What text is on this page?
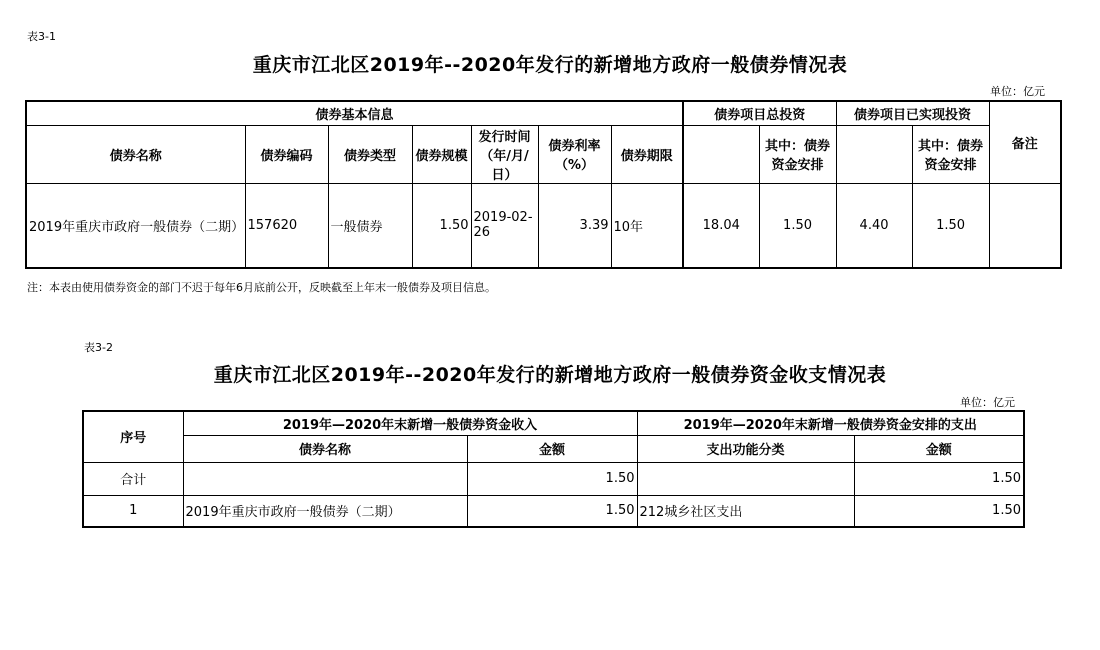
表3-1
重庆市江北区2019年--2020年发行的新增地方政府一般债券情况表
单位：亿元
债券基本信息							债券项目总投资		债券项目已实现投资		备注
债券名称	债券编码	债券类型	债券规模	发行时间（年/月/日）	债券利率（%）	债券期限		其中：债券资金安排		其中：债券资金安排	
2019年重庆市政府一般债券（二期）	157620	一般债券	1.50	2019-02-26	3.39	10年	18.04	1.50	4.40	1.50	
注：本表由使用债券资金的部门不迟于每年6月底前公开，反映截至上年末一般债券及项目信息。
表3-2
重庆市江北区2019年--2020年发行的新增地方政府一般债券资金收支情况表
单位：亿元
序号	2019年—2020年末新增一般债券资金收入		2019年—2020年末新增一般债券资金安排的支出	
	债券名称	金额	支出功能分类	金额
合计		1.50		1.50
1	2019年重庆市政府一般债券（二期）	1.50	212城乡社区支出	1.50
